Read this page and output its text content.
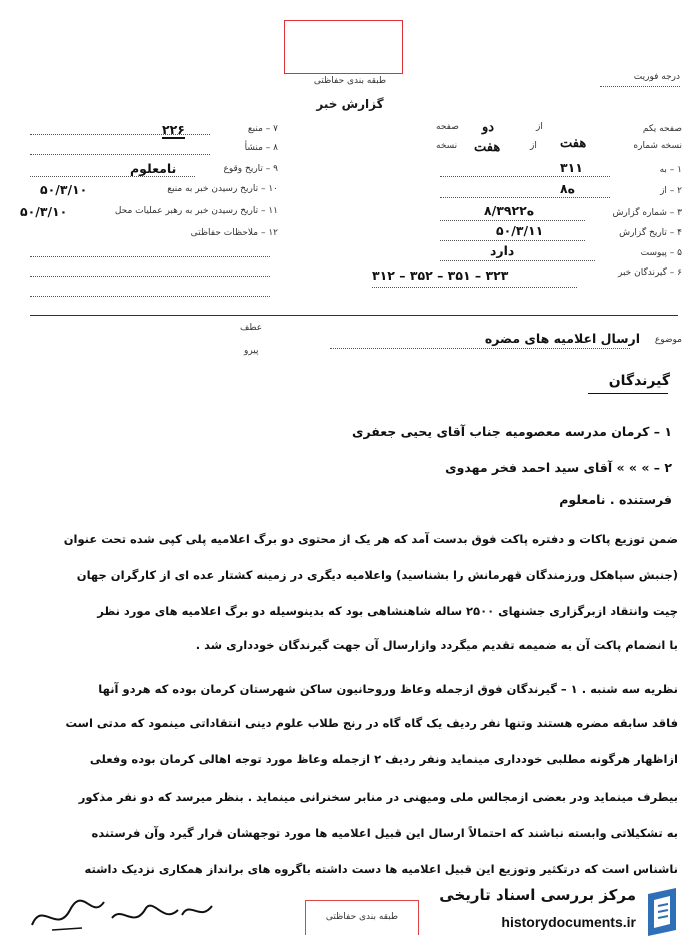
طبقه بندی حفاظتی
گزارش خبر
درجه فوریت
صفحه یکم
از
دو
صفحه
نسخه شماره
هفت
از
هفت
نسخه
۱ – به
۳۱۱
۲ – از
۸ه
۳ – شماره گزارش
۸/۳۹۲۲ه
۴ – تاریخ گزارش
۵۰/۳/۱۱
۵ – پیوست
دارد
۶ – گیرندگان خبر
۳۱۲ – ۳۵۲ – ۳۵۱ – ۳۲۳
۷ – منبع
۲۲۶
۸ – منشأ
۹ – تاریخ وقوع
نامعلوم
۱۰ – تاریخ رسیدن خبر به منبع
۵۰/۳/۱۰
۱۱ – تاریخ رسیدن خبر به رهبر عملیات محل
۵۰/۳/۱۰
۱۲ – ملاحظات حفاظتی
موضوع
ارسال اعلامیه های مضره
عطف
پیرو
گیرندگان
۱ – کرمان مدرسه معصومیه جناب آقای یحیی جعفری
۲ – » » » آقای سید احمد فخر مهدوی
فرستنده . نامعلوم
ضمن توزیع پاکات و دفتره پاکت فوق بدست آمد که هر یک از محتوی دو برگ اعلامیه پلی کپی شده تحت عنوان
(جنبش سپاهکل ورزمندگان قهرمانش را بشناسید) واعلامیه دیگری در زمینه کشتار عده ای از کارگران جهان
چیت وانتقاد ازبرگزاری جشنهای ۲۵۰۰ ساله شاهنشاهی بود که بدینوسیله دو برگ اعلامیه های مورد نظر
با انضمام پاکت آن به ضمیمه تقدیم میگردد وازارسال آن جهت گیرندگان خودداری شد .
نظریه سه شنبه . ۱ – گیرندگان فوق ازجمله وعاظ وروحانیون ساکن شهرستان کرمان بوده که هردو آنها
فاقد سابقه مضره هستند وتنها نفر ردیف یک گاه گاه در رنج طلاب علوم دینی انتقاداتی مینمود که مدتی است
ازاظهار هرگونه مطلبی خودداری مینماید ونفر ردیف ۲ ازجمله وعاظ مورد توجه اهالی کرمان بوده وفعلی
بیطرف مینماید ودر بعضی ازمجالس ملی ومیهنی در منابر سخنرانی مینماید . بنظر میرسد که دو نفر مذکور
به تشکیلاتی وابسته نباشند که احتمالاً ارسال این قبیل اعلامیه ها مورد توجهشان قرار گیرد وآن فرستنده
ناشناس است که درتکثیر وتوزیع این قبیل اعلامیه ها دست داشته باگروه های برانداز همکاری نزدیک داشته
طبقه بندی حفاظتی
مرکز بررسی اسناد تاریخی
historydocuments.ir
